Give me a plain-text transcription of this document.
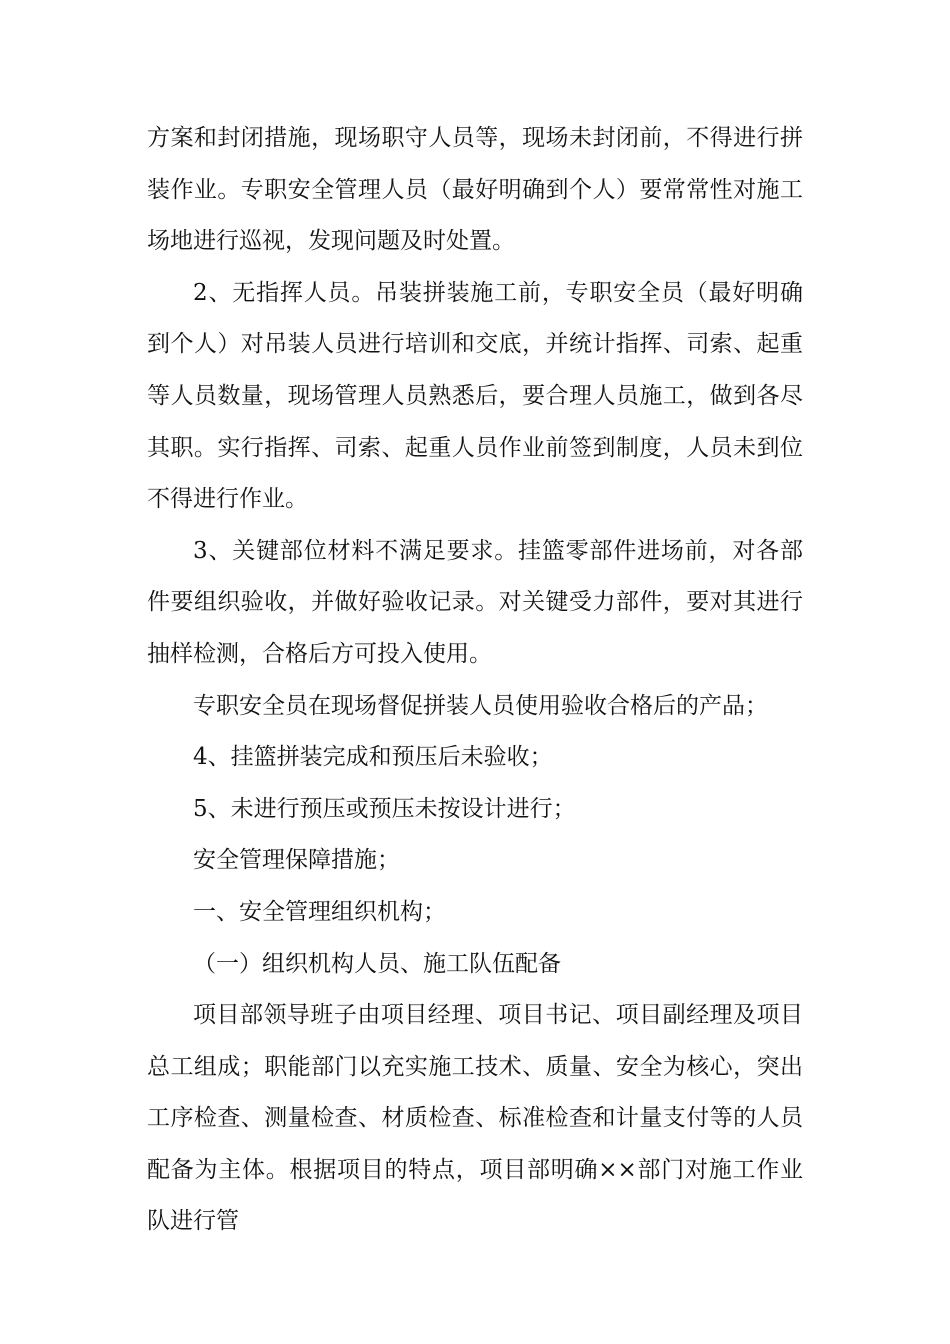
方案和封闭措施，现场职守人员等，现场未封闭前，不得进行拼装作业。专职安全管理人员（最好明确到个人）要常常性对施工场地进行巡视，发现问题及时处置。

2、无指挥人员。吊装拼装施工前，专职安全员（最好明确到个人）对吊装人员进行培训和交底，并统计指挥、司索、起重等人员数量，现场管理人员熟悉后，要合理人员施工，做到各尽其职。实行指挥、司索、起重人员作业前签到制度，人员未到位不得进行作业。

3、关键部位材料不满足要求。挂篮零部件进场前，对各部件要组织验收，并做好验收记录。对关键受力部件，要对其进行抽样检测，合格后方可投入使用。

专职安全员在现场督促拼装人员使用验收合格后的产品；

4、挂篮拼装完成和预压后未验收；

5、未进行预压或预压未按设计进行；

安全管理保障措施；

一、安全管理组织机构；

（一）组织机构人员、施工队伍配备

项目部领导班子由项目经理、项目书记、项目副经理及项目总工组成；职能部门以充实施工技术、质量、安全为核心，突出工序检查、测量检查、材质检查、标准检查和计量支付等的人员配备为主体。根据项目的特点，项目部明确××部门对施工作业队进行管
